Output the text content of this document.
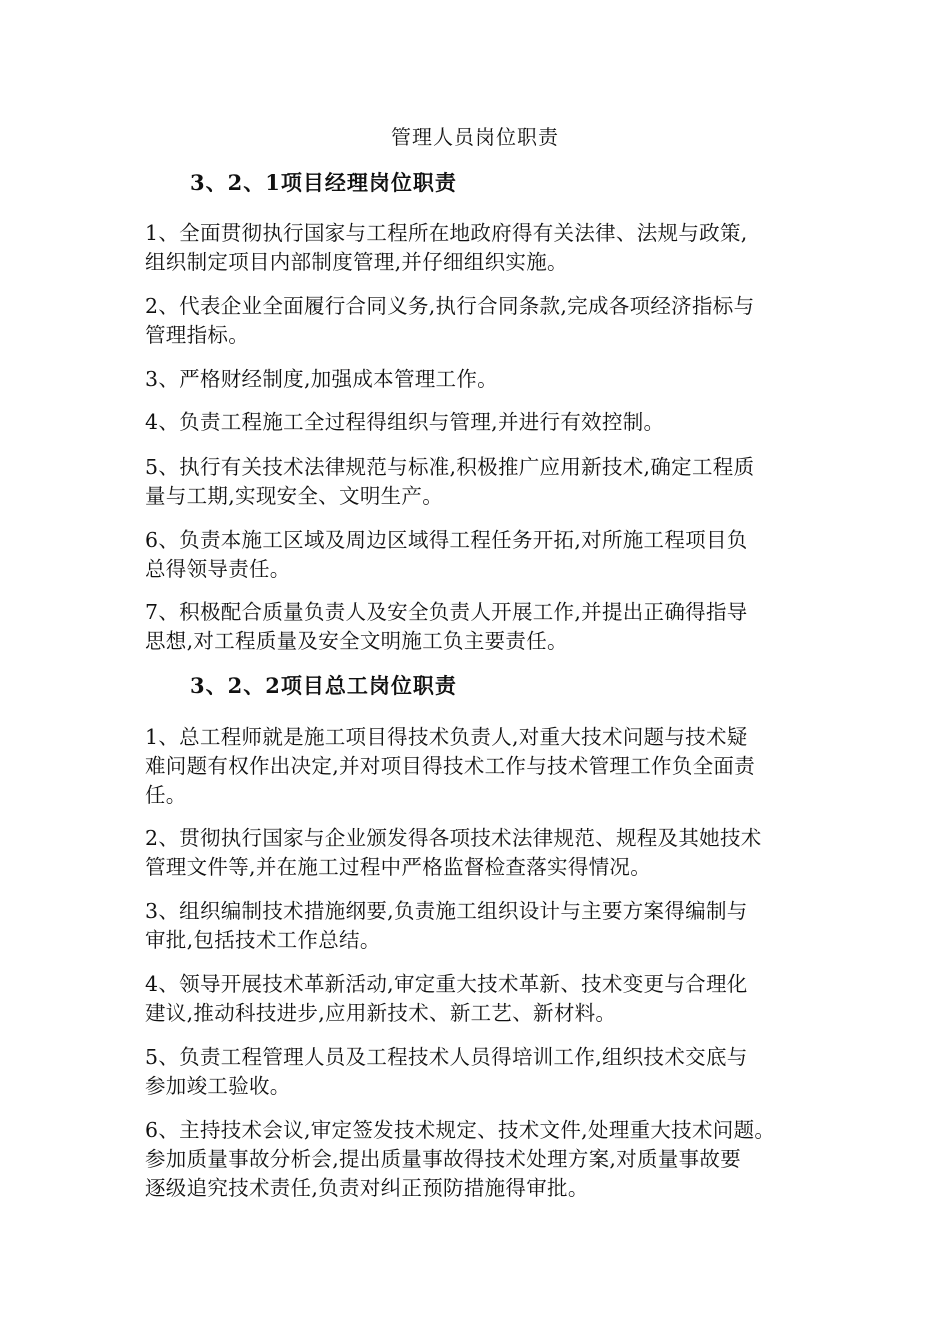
管理人员岗位职责
3、2、1项目经理岗位职责
1、全面贯彻执行国家与工程所在地政府得有关法律、法规与政策,
组织制定项目内部制度管理,并仔细组织实施。
2、代表企业全面履行合同义务,执行合同条款,完成各项经济指标与
管理指标。
3、严格财经制度,加强成本管理工作。
4、负责工程施工全过程得组织与管理,并进行有效控制。
5、执行有关技术法律规范与标准,积极推广应用新技术,确定工程质
量与工期,实现安全、文明生产。
6、负责本施工区域及周边区域得工程任务开拓,对所施工程项目负
总得领导责任。
7、积极配合质量负责人及安全负责人开展工作,并提出正确得指导
思想,对工程质量及安全文明施工负主要责任。
3、2、2项目总工岗位职责
1、总工程师就是施工项目得技术负责人,对重大技术问题与技术疑
难问题有权作出决定,并对项目得技术工作与技术管理工作负全面责
任。
2、贯彻执行国家与企业颁发得各项技术法律规范、规程及其她技术
管理文件等,并在施工过程中严格监督检查落实得情况。
3、组织编制技术措施纲要,负责施工组织设计与主要方案得编制与
审批,包括技术工作总结。
4、领导开展技术革新活动,审定重大技术革新、技术变更与合理化
建议,推动科技进步,应用新技术、新工艺、新材料。
5、负责工程管理人员及工程技术人员得培训工作,组织技术交底与
参加竣工验收。
6、主持技术会议,审定签发技术规定、技术文件,处理重大技术问题。
参加质量事故分析会,提出质量事故得技术处理方案,对质量事故要
逐级追究技术责任,负责对纠正预防措施得审批。
